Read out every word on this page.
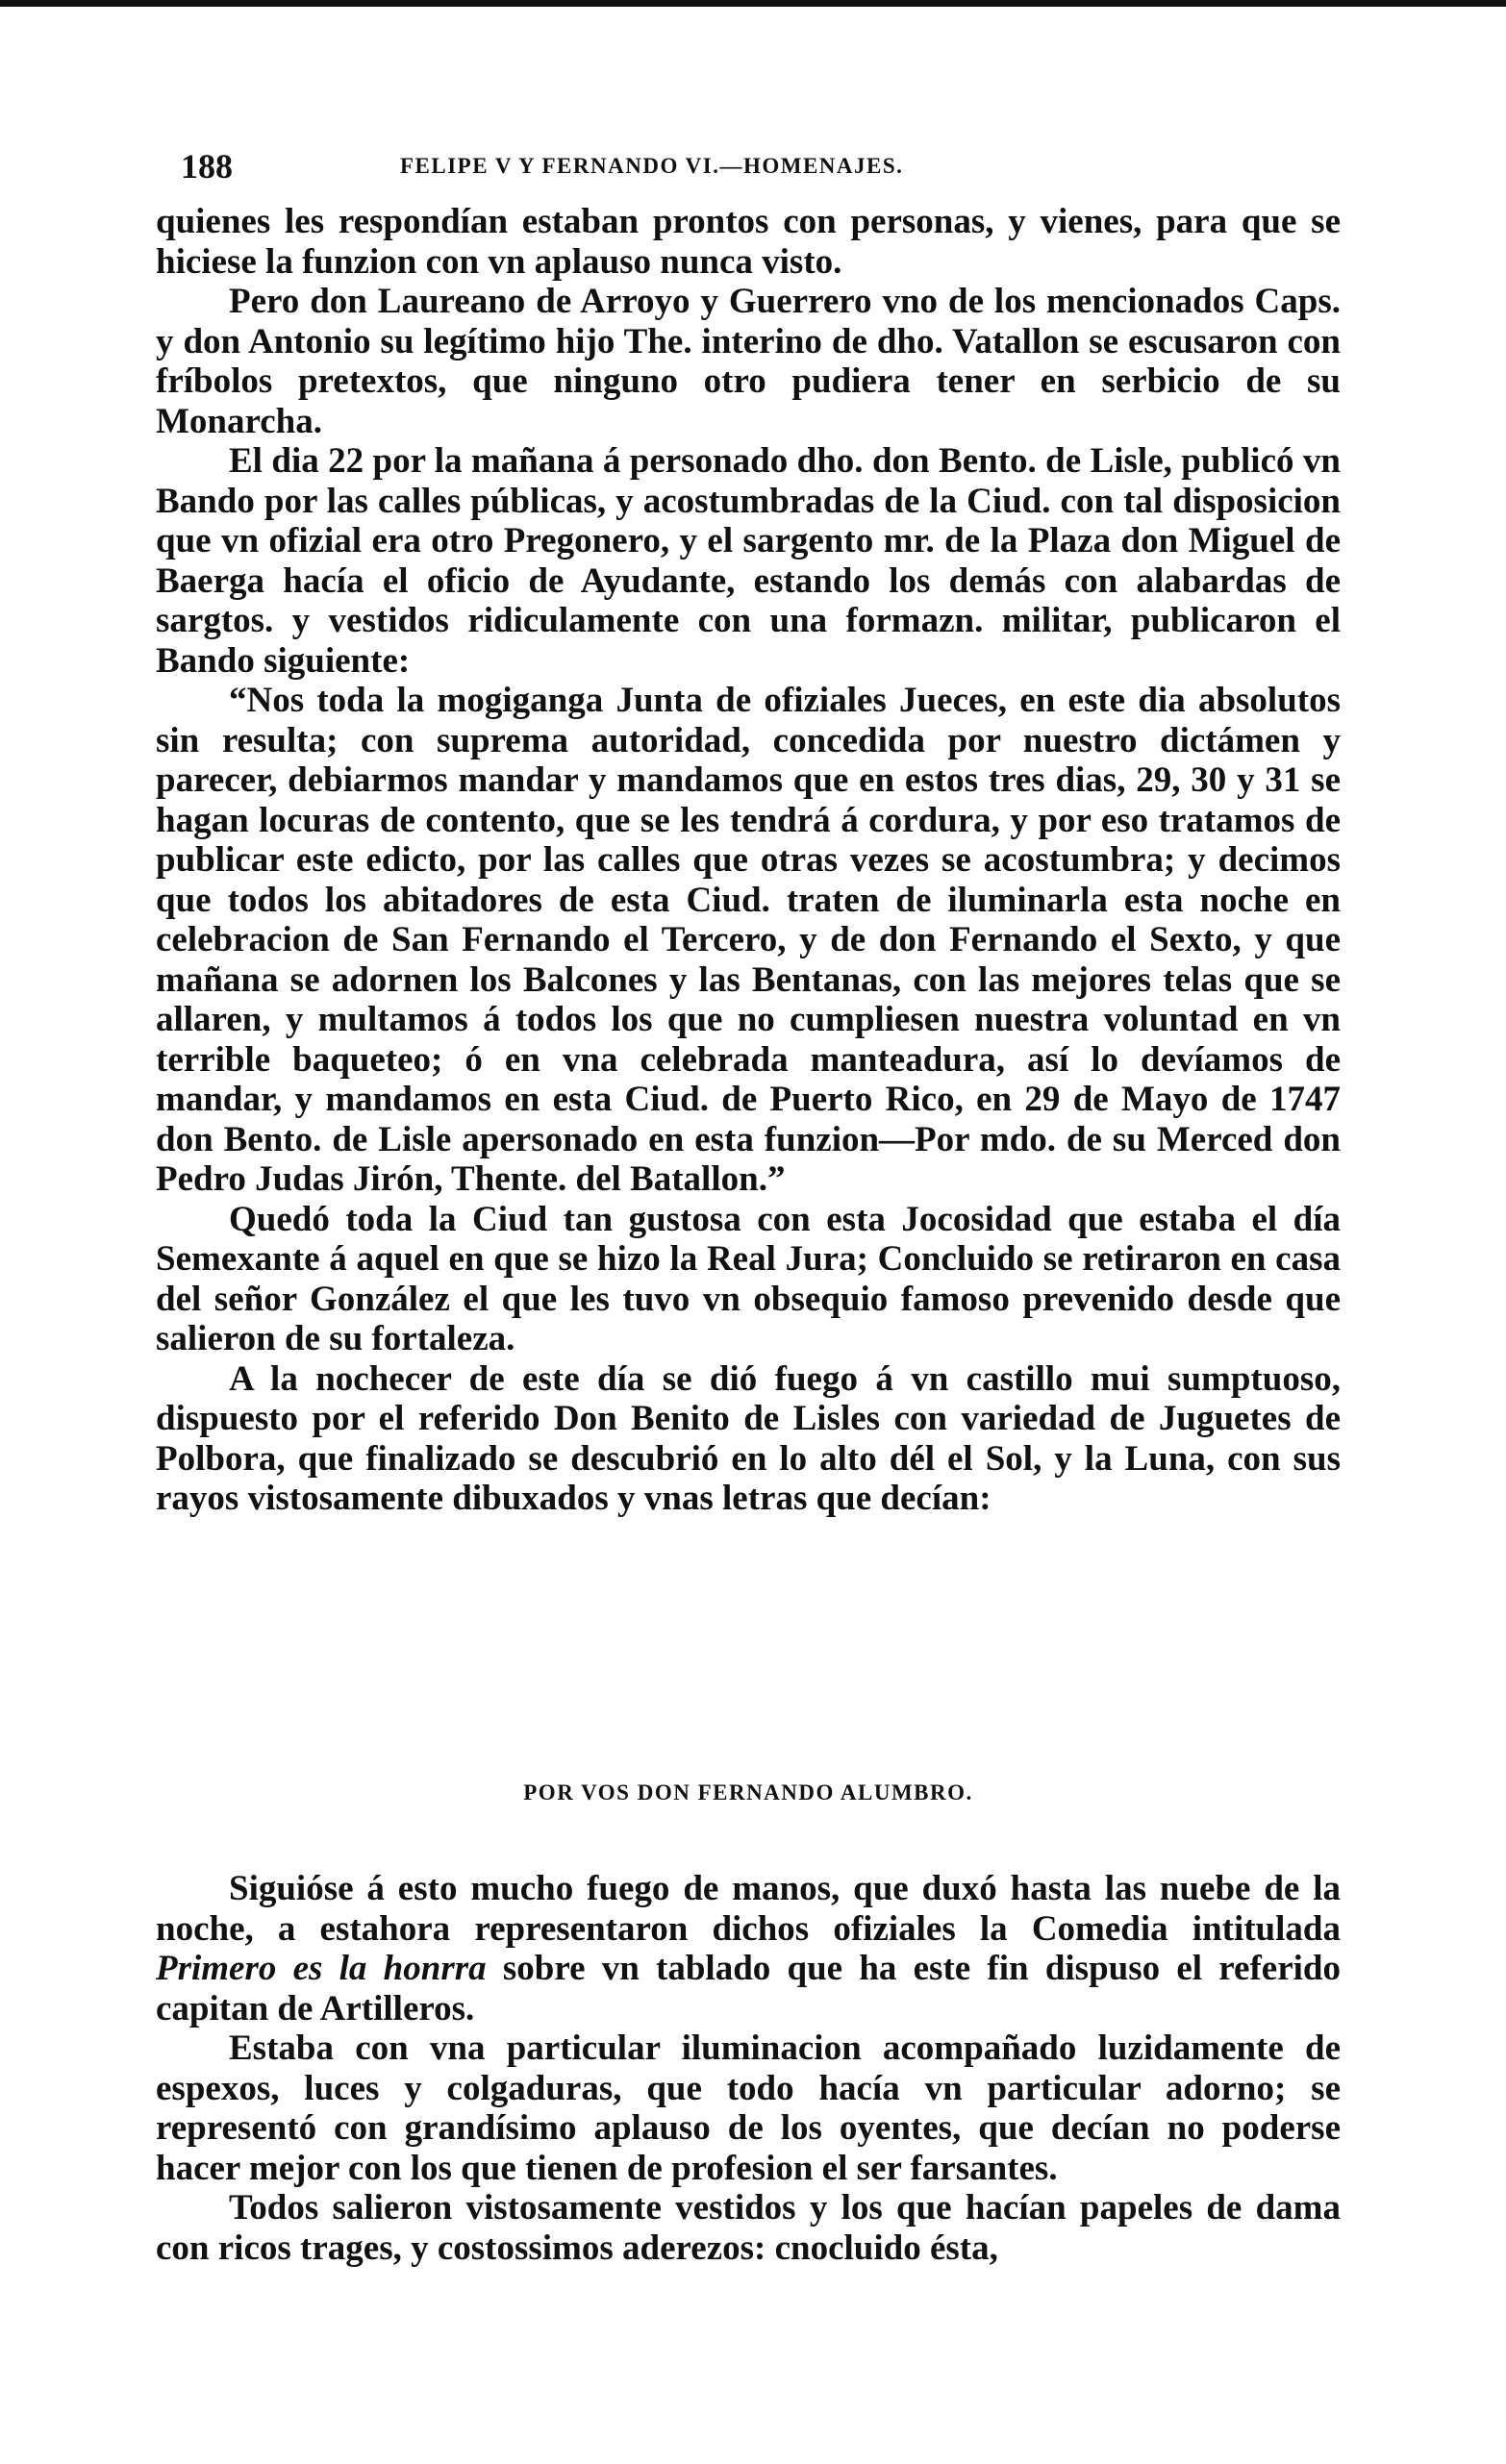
188	FELIPE V Y FERNANDO VI.—HOMENAJES.

quienes les respondían estaban prontos con personas, y vienes, para que se hiciese la funzion con vn aplauso nunca visto.

Pero don Laureano de Arroyo y Guerrero vno de los mencionados Caps. y don Antonio su legítimo hijo The. interino de dho. Vatallon se escusaron con fríbolos pretextos, que ninguno otro pudiera tener en serbicio de su Monarcha.

El dia 22 por la mañana á personado dho. don Bento. de Lisle, publicó vn Bando por las calles públicas, y acostumbradas de la Ciud. con tal disposicion que vn ofizial era otro Pregonero, y el sargento mr. de la Plaza don Miguel de Baerga hacía el oficio de Ayudante, estando los demás con alabardas de sargtos. y vestidos ridiculamente con una formazn. militar, publicaron el Bando siguiente:

“Nos toda la mogiganga Junta de ofiziales Jueces, en este dia absolutos sin resulta; con suprema autoridad, concedida por nuestro dictámen y parecer, debiarmos mandar y mandamos que en estos tres dias, 29, 30 y 31 se hagan locuras de contento, que se les tendrá á cordura, y por eso tratamos de publicar este edicto, por las calles que otras vezes se acostumbra; y decimos que todos los abitadores de esta Ciud. traten de iluminarla esta noche en celebracion de San Fernando el Tercero, y de don Fernando el Sexto, y que mañana se adornen los Balcones y las Bentanas, con las mejores telas que se allaren, y multamos á todos los que no cumpliesen nuestra voluntad en vn terrible baqueteo; ó en vna celebrada manteadura, así lo devíamos de mandar, y mandamos en esta Ciud. de Puerto Rico, en 29 de Mayo de 1747 don Bento. de Lisle apersonado en esta funzion—Por mdo. de su Merced don Pedro Judas Jirón, Thente. del Batallon.”

Quedó toda la Ciud tan gustosa con esta Jocosidad que estaba el día Semexante á aquel en que se hizo la Real Jura; Concluido se retiraron en casa del señor González el que les tuvo vn obsequio famoso prevenido desde que salieron de su fortaleza.

A la nochecer de este día se dió fuego á vn castillo mui sumptuoso, dispuesto por el referido Don Benito de Lisles con variedad de Juguetes de Polbora, que finalizado se descubrió en lo alto dél el Sol, y la Luna, con sus rayos vistosamente dibuxados y vnas letras que decían:

POR VOS DON FERNANDO ALUMBRO.

Siguióse á esto mucho fuego de manos, que duxó hasta las nuebe de la noche, a estahora representaron dichos ofiziales la Comedia intitulada Primero es la honrra sobre vn tablado que ha este fin dispuso el referido capitan de Artilleros.

Estaba con vna particular iluminacion acompañado luzidamente de espexos, luces y colgaduras, que todo hacía vn particular adorno; se representó con grandísimo aplauso de los oyentes, que decían no poderse hacer mejor con los que tienen de profesion el ser farsantes.

Todos salieron vistosamente vestidos y los que hacían papeles de dama con ricos trages, y costossimos aderezos: cnocluido ésta,
